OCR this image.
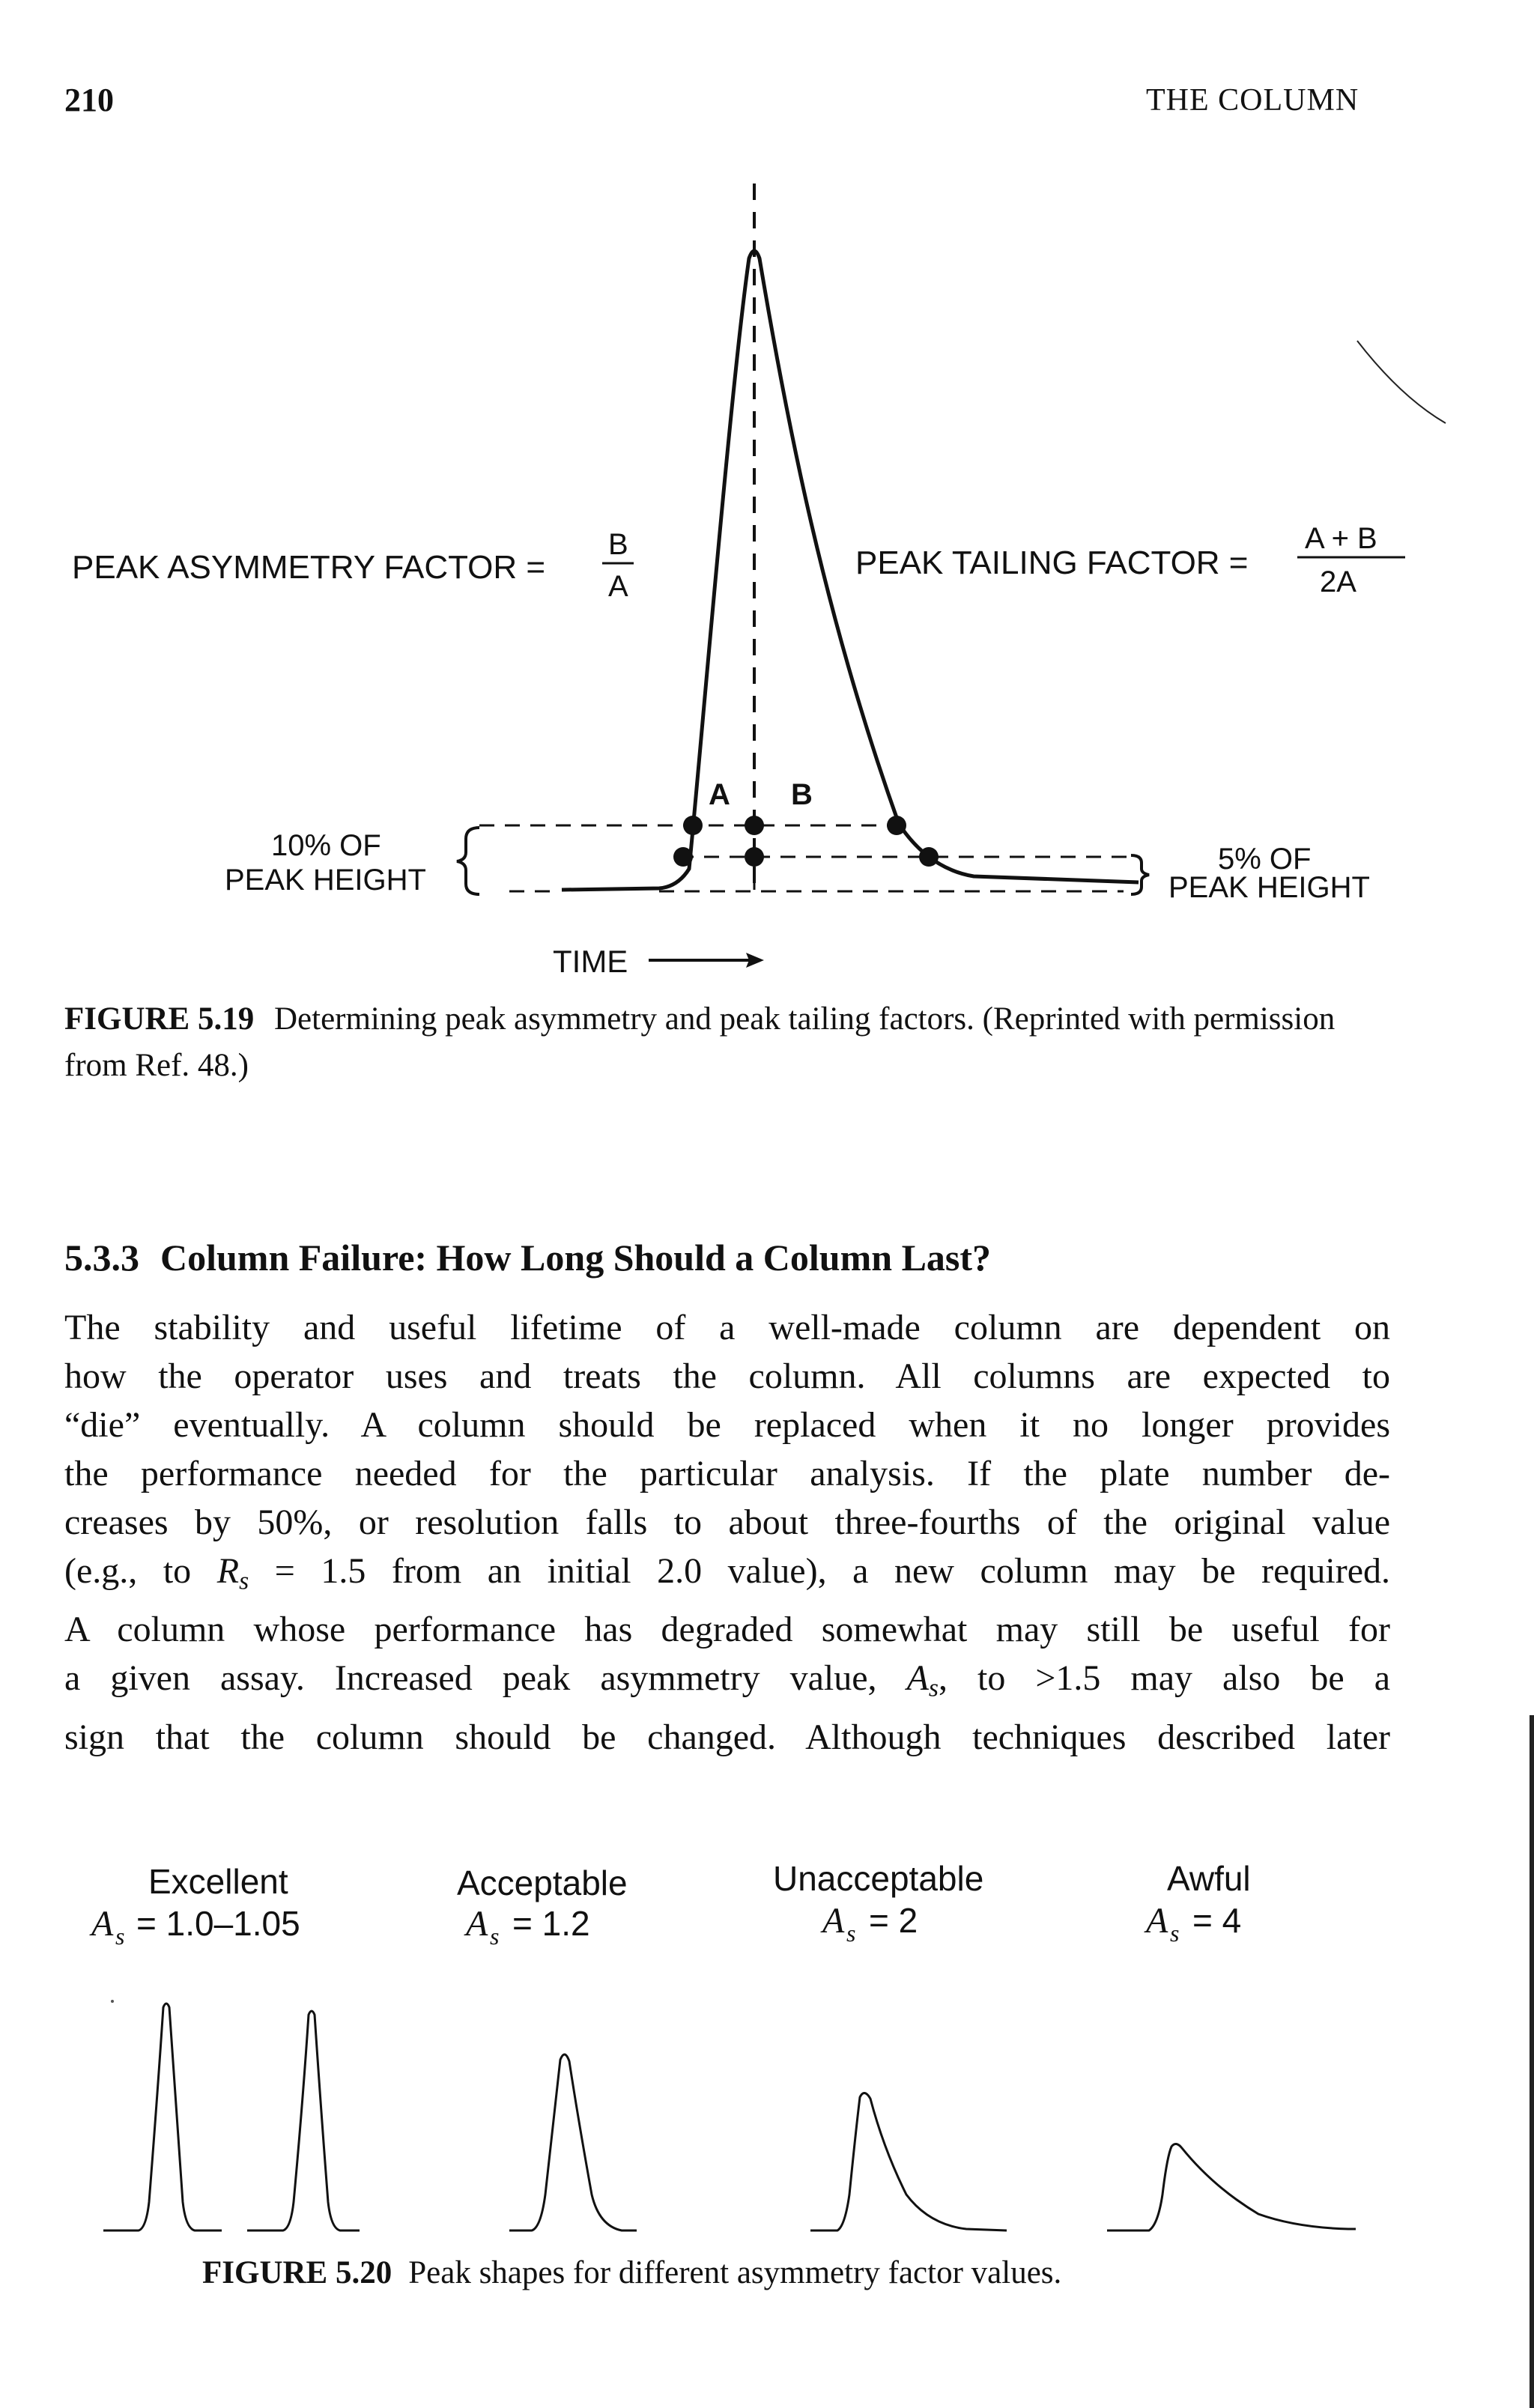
210	THE COLUMN
PEAK ASYMMETRY FACTOR =
B
A
PEAK TAILING FACTOR =
A + B
2A
A B
10% OF
PEAK HEIGHT
5% OF
PEAK HEIGHT
TIME
FIGURE 5.19 Determining peak asymmetry and peak tailing factors. (Reprinted with permission from Ref. 48.)
5.3.3 Column Failure: How Long Should a Column Last?
The stability and useful lifetime of a well-made column are dependent on
how the operator uses and treats the column. All columns are expected to
“die” eventually. A column should be replaced when it no longer provides
the performance needed for the particular analysis. If the plate number de-
creases by 50%, or resolution falls to about three-fourths of the original value
(e.g., to $R_s = 1.5$ from an initial 2.0 value), a new column may be required.
A column whose performance has degraded somewhat may still be useful for
a given assay. Increased peak asymmetry value, $A_s$, to >1.5 may also be a
sign that the column should be changed. Although techniques described later
Excellent
A s = 1.0–1.05
Acceptable
A s = 1.2
Unacceptable
A s = 2
Awful
A s = 4
FIGURE 5.20 Peak shapes for different asymmetry factor values.
